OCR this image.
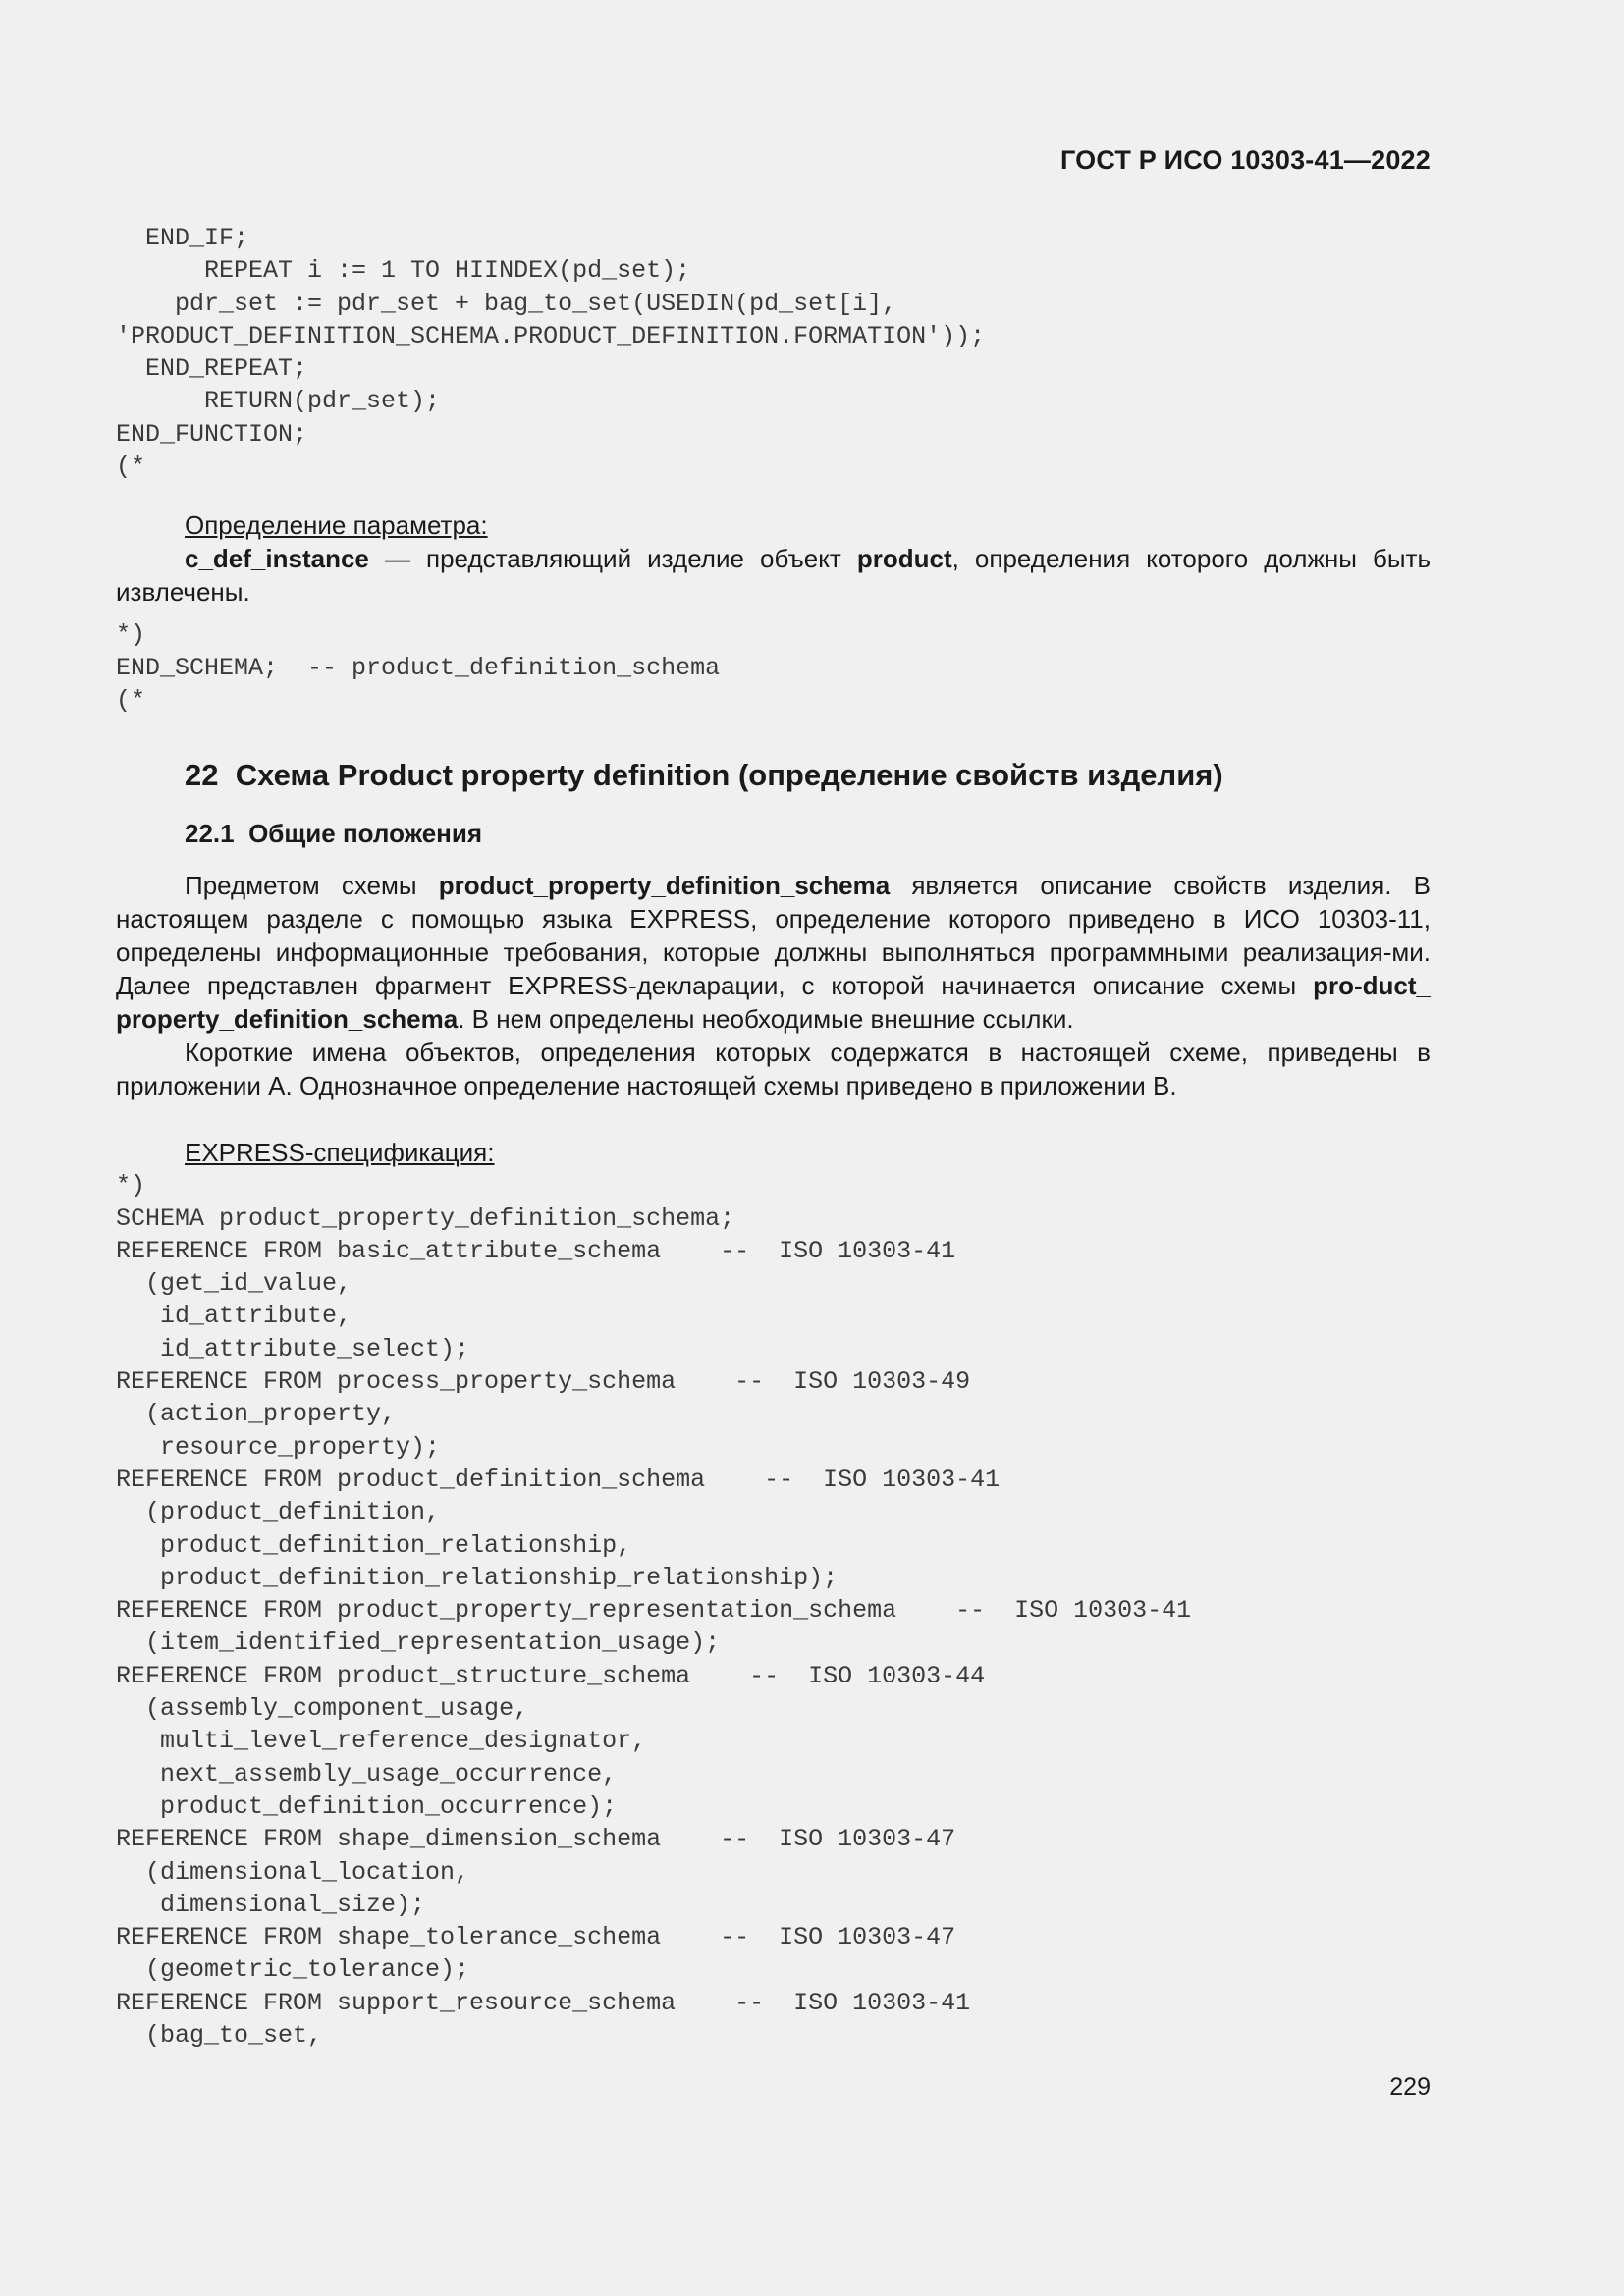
ГОСТ Р ИСО 10303-41—2022
END_IF;
REPEAT i := 1 TO HIINDEX(pd_set);
pdr_set := pdr_set + bag_to_set(USEDIN(pd_set[i],
'PRODUCT_DEFINITION_SCHEMA.PRODUCT_DEFINITION.FORMATION'));
END_REPEAT;
RETURN(pdr_set);
END_FUNCTION;
(*

Определение параметра:

c_def_instance — представляющий изделие объект product, определения которого должны быть извлечены.

*)
END_SCHEMA;  -- product_definition_schema
(*
22 Схема Product property definition (определение свойств изделия)
22.1 Общие положения

Предметом схемы product_property_definition_schema является описание свойств изделия. В настоящем разделе с помощью языка EXPRESS, определение которого приведено в ИСО 10303-11, определены информационные требования, которые должны выполняться программными реализация-ми. Далее представлен фрагмент EXPRESS-декларации, с которой начинается описание схемы pro-duct_ property_definition_schema. В нем определены необходимые внешние ссылки.

Короткие имена объектов, определения которых содержатся в настоящей схеме, приведены в приложении А. Однозначное определение настоящей схемы приведено в приложении В.

EXPRESS-спецификация:

*)
SCHEMA product_property_definition_schema;
REFERENCE FROM basic_attribute_schema    --  ISO 10303-41
(get_id_value,
id_attribute,
id_attribute_select);
REFERENCE FROM process_property_schema    --  ISO 10303-49
(action_property,
resource_property);
REFERENCE FROM product_definition_schema    --  ISO 10303-41
(product_definition,
product_definition_relationship,
product_definition_relationship_relationship);
REFERENCE FROM product_property_representation_schema    --  ISO 10303-41
(item_identified_representation_usage);
REFERENCE FROM product_structure_schema    --  ISO 10303-44
(assembly_component_usage,
multi_level_reference_designator,
next_assembly_usage_occurrence,
product_definition_occurrence);
REFERENCE FROM shape_dimension_schema    --  ISO 10303-47
(dimensional_location,
dimensional_size);
REFERENCE FROM shape_tolerance_schema    --  ISO 10303-47
(geometric_tolerance);
REFERENCE FROM support_resource_schema    --  ISO 10303-41
(bag_to_set,
229
